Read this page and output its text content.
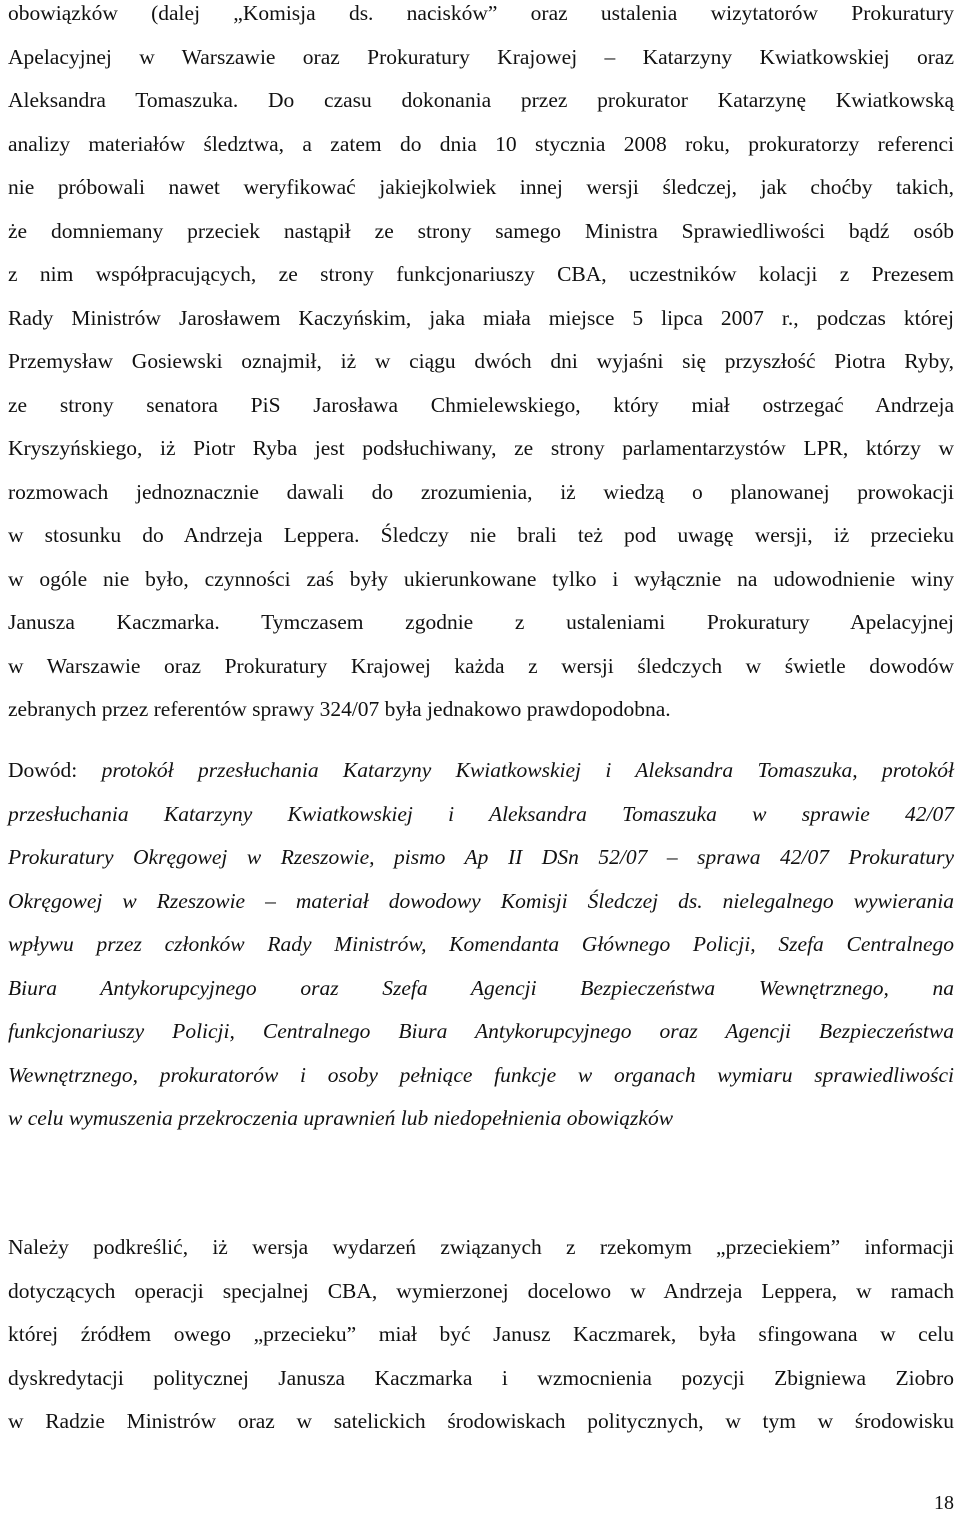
obowiązków (dalej „Komisja ds. nacisków” oraz ustalenia wizytatorów Prokuratury
Apelacyjnej w Warszawie oraz Prokuratury Krajowej – Katarzyny Kwiatkowskiej oraz
Aleksandra Tomaszuka. Do czasu dokonania przez prokurator Katarzynę Kwiatkowską
analizy materiałów śledztwa, a zatem do dnia 10 stycznia 2008 roku, prokuratorzy referenci
nie próbowali nawet weryfikować jakiejkolwiek innej wersji śledczej, jak choćby takich,
że domniemany przeciek nastąpił ze strony samego Ministra Sprawiedliwości bądź osób
z nim współpracujących, ze strony funkcjonariuszy CBA, uczestników kolacji z Prezesem
Rady Ministrów Jarosławem Kaczyńskim, jaka miała miejsce 5 lipca 2007 r., podczas której
Przemysław Gosiewski oznajmił, iż w ciągu dwóch dni wyjaśni się przyszłość Piotra Ryby,
ze strony senatora PiS Jarosława Chmielewskiego, który miał ostrzegać Andrzeja
Kryszyńskiego, iż Piotr Ryba jest podsłuchiwany, ze strony parlamentarzystów LPR, którzy w
rozmowach jednoznacznie dawali do zrozumienia, iż wiedzą o planowanej prowokacji
w stosunku do Andrzeja Leppera. Śledczy nie brali też pod uwagę wersji, iż przecieku
w ogóle nie było, czynności zaś były ukierunkowane tylko i wyłącznie na udowodnienie winy
Janusza Kaczmarka. Tymczasem zgodnie z ustaleniami Prokuratury Apelacyjnej
w Warszawie oraz Prokuratury Krajowej każda z wersji śledczych w świetle dowodów
zebranych przez referentów sprawy 324/07 była jednakowo prawdopodobna.
Dowód: protokół przesłuchania Katarzyny Kwiatkowskiej i Aleksandra Tomaszuka, protokół
przesłuchania Katarzyny Kwiatkowskiej i Aleksandra Tomaszuka w sprawie 42/07
Prokuratury Okręgowej w Rzeszowie, pismo Ap II DSn 52/07 – sprawa 42/07 Prokuratury
Okręgowej w Rzeszowie – materiał dowodowy Komisji Śledczej ds. nielegalnego wywierania
wpływu przez członków Rady Ministrów, Komendanta Głównego Policji, Szefa Centralnego
Biura Antykorupcyjnego oraz Szefa Agencji Bezpieczeństwa Wewnętrznego, na
funkcjonariuszy Policji, Centralnego Biura Antykorupcyjnego oraz Agencji Bezpieczeństwa
Wewnętrznego, prokuratorów i osoby pełniące funkcje w organach wymiaru sprawiedliwości
w celu wymuszenia przekroczenia uprawnień lub niedopełnienia obowiązków
Należy podkreślić, iż wersja wydarzeń związanych z rzekomym „przeciekiem” informacji
dotyczących operacji specjalnej CBA, wymierzonej docelowo w Andrzeja Leppera, w ramach
której źródłem owego „przecieku” miał być Janusz Kaczmarek, była sfingowana w celu
dyskredytacji politycznej Janusza Kaczmarka i wzmocnienia pozycji Zbigniewa Ziobro
w Radzie Ministrów oraz w satelickich środowiskach politycznych, w tym w środowisku
18
